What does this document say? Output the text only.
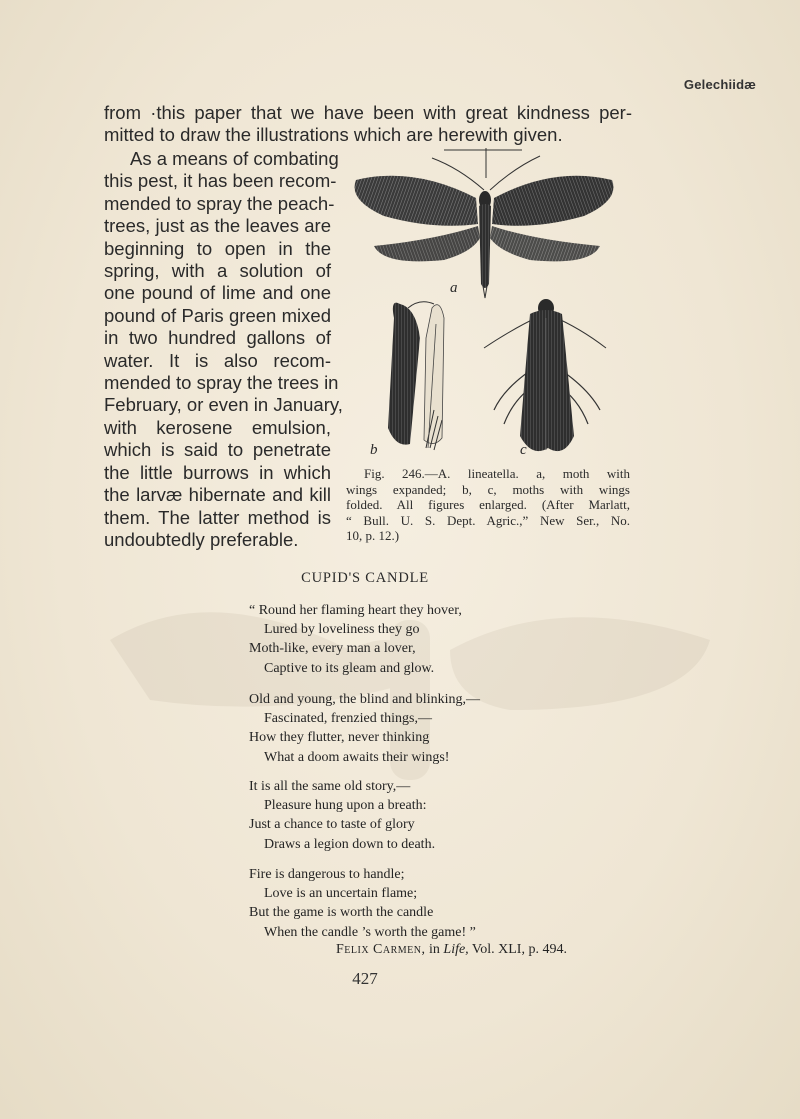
Gelechiidæ
from ·this paper that we have been with great kindness per-
mitted to draw the illustrations which are herewith given.
As a means of combating
this pest, it has been recom-
mended to spray the peach-
trees, just as the leaves are
beginning to open in the
spring, with a solution of
one pound of lime and one
pound of Paris green mixed
in two hundred gallons of
water. It is also recom-
mended to spray the trees in
February, or even in January,
with kerosene emulsion,
which is said to penetrate
the little burrows in which
the larvæ hibernate and kill
them. The latter method is
undoubtedly preferable.
a
b	c
Fig. 246.—A. lineatella. a, moth with
wings expanded; b, c, moths with wings
folded. All figures enlarged. (After Marlatt,
“ Bull. U. S. Dept. Agric.,” New Ser., No.
10, p. 12.)
CUPID'S CANDLE
“ Round her flaming heart they hover,
Lured by loveliness they go
Moth-like, every man a lover,
Captive to its gleam and glow.
Old and young, the blind and blinking,—
Fascinated, frenzied things,—
How they flutter, never thinking
What a doom awaits their wings!
It is all the same old story,—
Pleasure hung upon a breath:
Just a chance to taste of glory
Draws a legion down to death.
Fire is dangerous to handle;
Love is an uncertain flame;
But the game is worth the candle
When the candle ’s worth the game! ”
Felix Carmen, in Life, Vol. XLI, p. 494.
427
